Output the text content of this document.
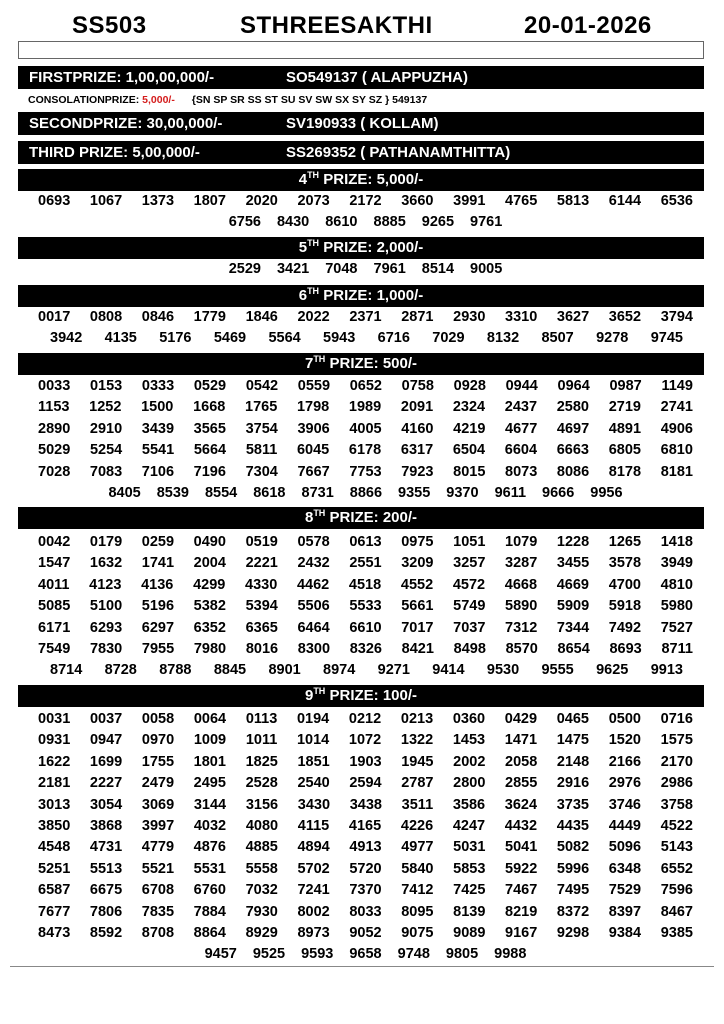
SS503	STHREESAKTHI	20-01-2026
FIRSTPRIZE: 1,00,00,000/-	SO549137 ( ALAPPUZHA)
CONSOLATIONPRIZE: 5,000/- {SN SP SR SS ST SU SV SW SX SY SZ } 549137
SECONDPRIZE: 30,00,000/-	SV190933 ( KOLLAM)
THIRD PRIZE: 5,00,000/-	SS269352 ( PATHANAMTHITTA)
4TH PRIZE: 5,000/-
0693 1067 1373 1807 2020 2073 2172 3660 3991 4765 5813 6144 6536
6756 8430 8610 8885 9265 9761
5TH PRIZE: 2,000/-
2529 3421 7048 7961 8514 9005
6TH PRIZE: 1,000/-
0017 0808 0846 1779 1846 2022 2371 2871 2930 3310 3627 3652 3794
3942 4135 5176 5469 5564 5943 6716 7029 8132 8507 9278 9745
7TH PRIZE: 500/-
0033 0153 0333 0529 0542 0559 0652 0758 0928 0944 0964 0987 1149
1153 1252 1500 1668 1765 1798 1989 2091 2324 2437 2580 2719 2741
2890 2910 3439 3565 3754 3906 4005 4160 4219 4677 4697 4891 4906
5029 5254 5541 5664 5811 6045 6178 6317 6504 6604 6663 6805 6810
7028 7083 7106 7196 7304 7667 7753 7923 8015 8073 8086 8178 8181
8405 8539 8554 8618 8731 8866 9355 9370 9611 9666 9956
8TH PRIZE: 200/-
0042 0179 0259 0490 0519 0578 0613 0975 1051 1079 1228 1265 1418
1547 1632 1741 2004 2221 2432 2551 3209 3257 3287 3455 3578 3949
4011 4123 4136 4299 4330 4462 4518 4552 4572 4668 4669 4700 4810
5085 5100 5196 5382 5394 5506 5533 5661 5749 5890 5909 5918 5980
6171 6293 6297 6352 6365 6464 6610 7017 7037 7312 7344 7492 7527
7549 7830 7955 7980 8016 8300 8326 8421 8498 8570 8654 8693 8711
8714 8728 8788 8845 8901 8974 9271 9414 9530 9555 9625 9913
9TH PRIZE: 100/-
0031 0037 0058 0064 0113 0194 0212 0213 0360 0429 0465 0500 0716
0931 0947 0970 1009 1011 1014 1072 1322 1453 1471 1475 1520 1575
1622 1699 1755 1801 1825 1851 1903 1945 2002 2058 2148 2166 2170
2181 2227 2479 2495 2528 2540 2594 2787 2800 2855 2916 2976 2986
3013 3054 3069 3144 3156 3430 3438 3511 3586 3624 3735 3746 3758
3850 3868 3997 4032 4080 4115 4165 4226 4247 4432 4435 4449 4522
4548 4731 4779 4876 4885 4894 4913 4977 5031 5041 5082 5096 5143
5251 5513 5521 5531 5558 5702 5720 5840 5853 5922 5996 6348 6552
6587 6675 6708 6760 7032 7241 7370 7412 7425 7467 7495 7529 7596
7677 7806 7835 7884 7930 8002 8033 8095 8139 8219 8372 8397 8467
8473 8592 8708 8864 8929 8973 9052 9075 9089 9167 9298 9384 9385
9457 9525 9593 9658 9748 9805 9988
